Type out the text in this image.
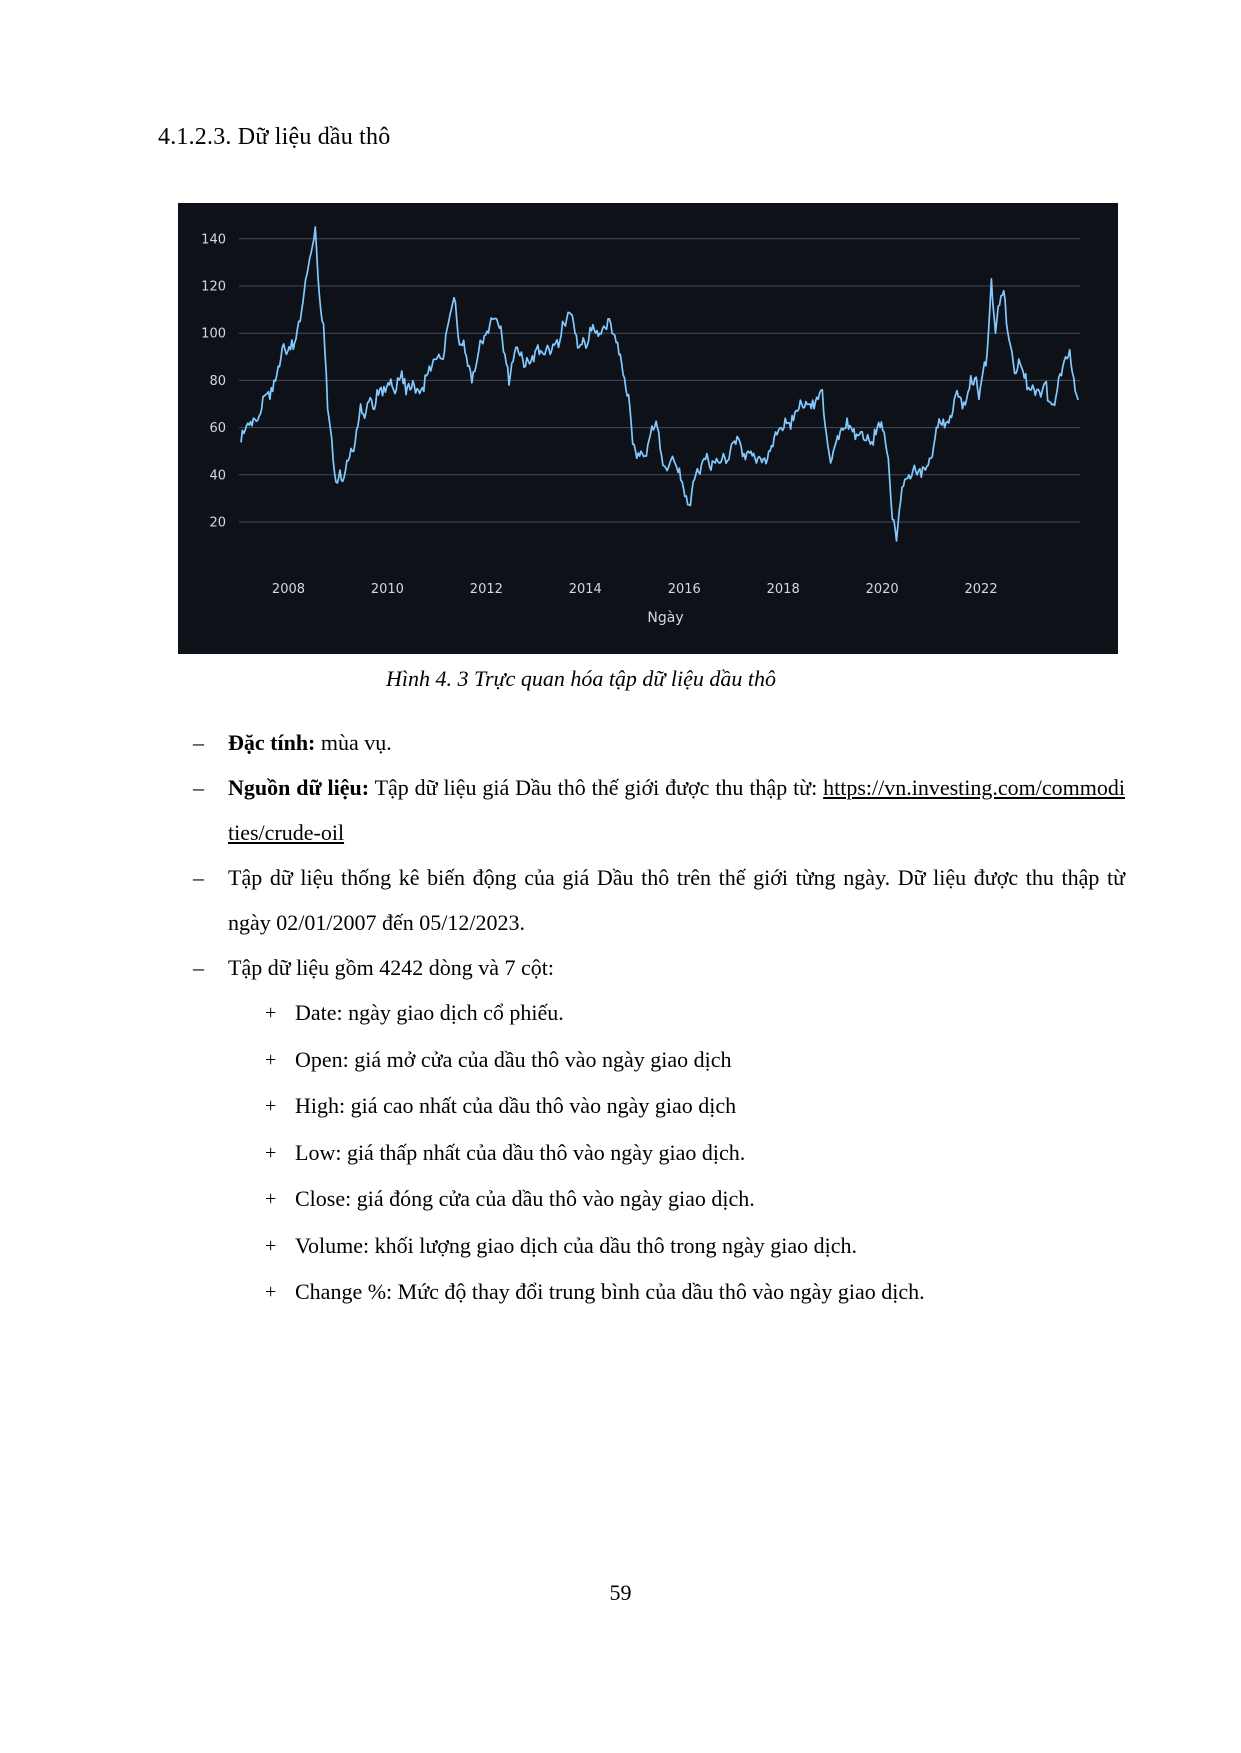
4.1.2.3. Dữ liệu dầu thô
20
40
60
80
100
120
140
2008	2010	2012	2014	2016	2018	2020	2022
Ngày
Hình 4. 3 Trực quan hóa tập dữ liệu dầu thô
– Đặc tính: mùa vụ.
– Nguồn dữ liệu: Tập dữ liệu giá Dầu thô thế giới được thu thập từ: https://vn.investing.com/commodities/crude-oil
– Tập dữ liệu thống kê biến động của giá Dầu thô trên thế giới từng ngày. Dữ liệu được thu thập từ ngày 02/01/2007 đến 05/12/2023.
– Tập dữ liệu gồm 4242 dòng và 7 cột:
+ Date: ngày giao dịch cổ phiếu.
+ Open: giá mở cửa của dầu thô vào ngày giao dịch
+ High: giá cao nhất của dầu thô vào ngày giao dịch
+ Low: giá thấp nhất của dầu thô vào ngày giao dịch.
+ Close: giá đóng cửa của dầu thô vào ngày giao dịch.
+ Volume: khối lượng giao dịch của dầu thô trong ngày giao dịch.
+ Change %: Mức độ thay đổi trung bình của dầu thô vào ngày giao dịch.
59
